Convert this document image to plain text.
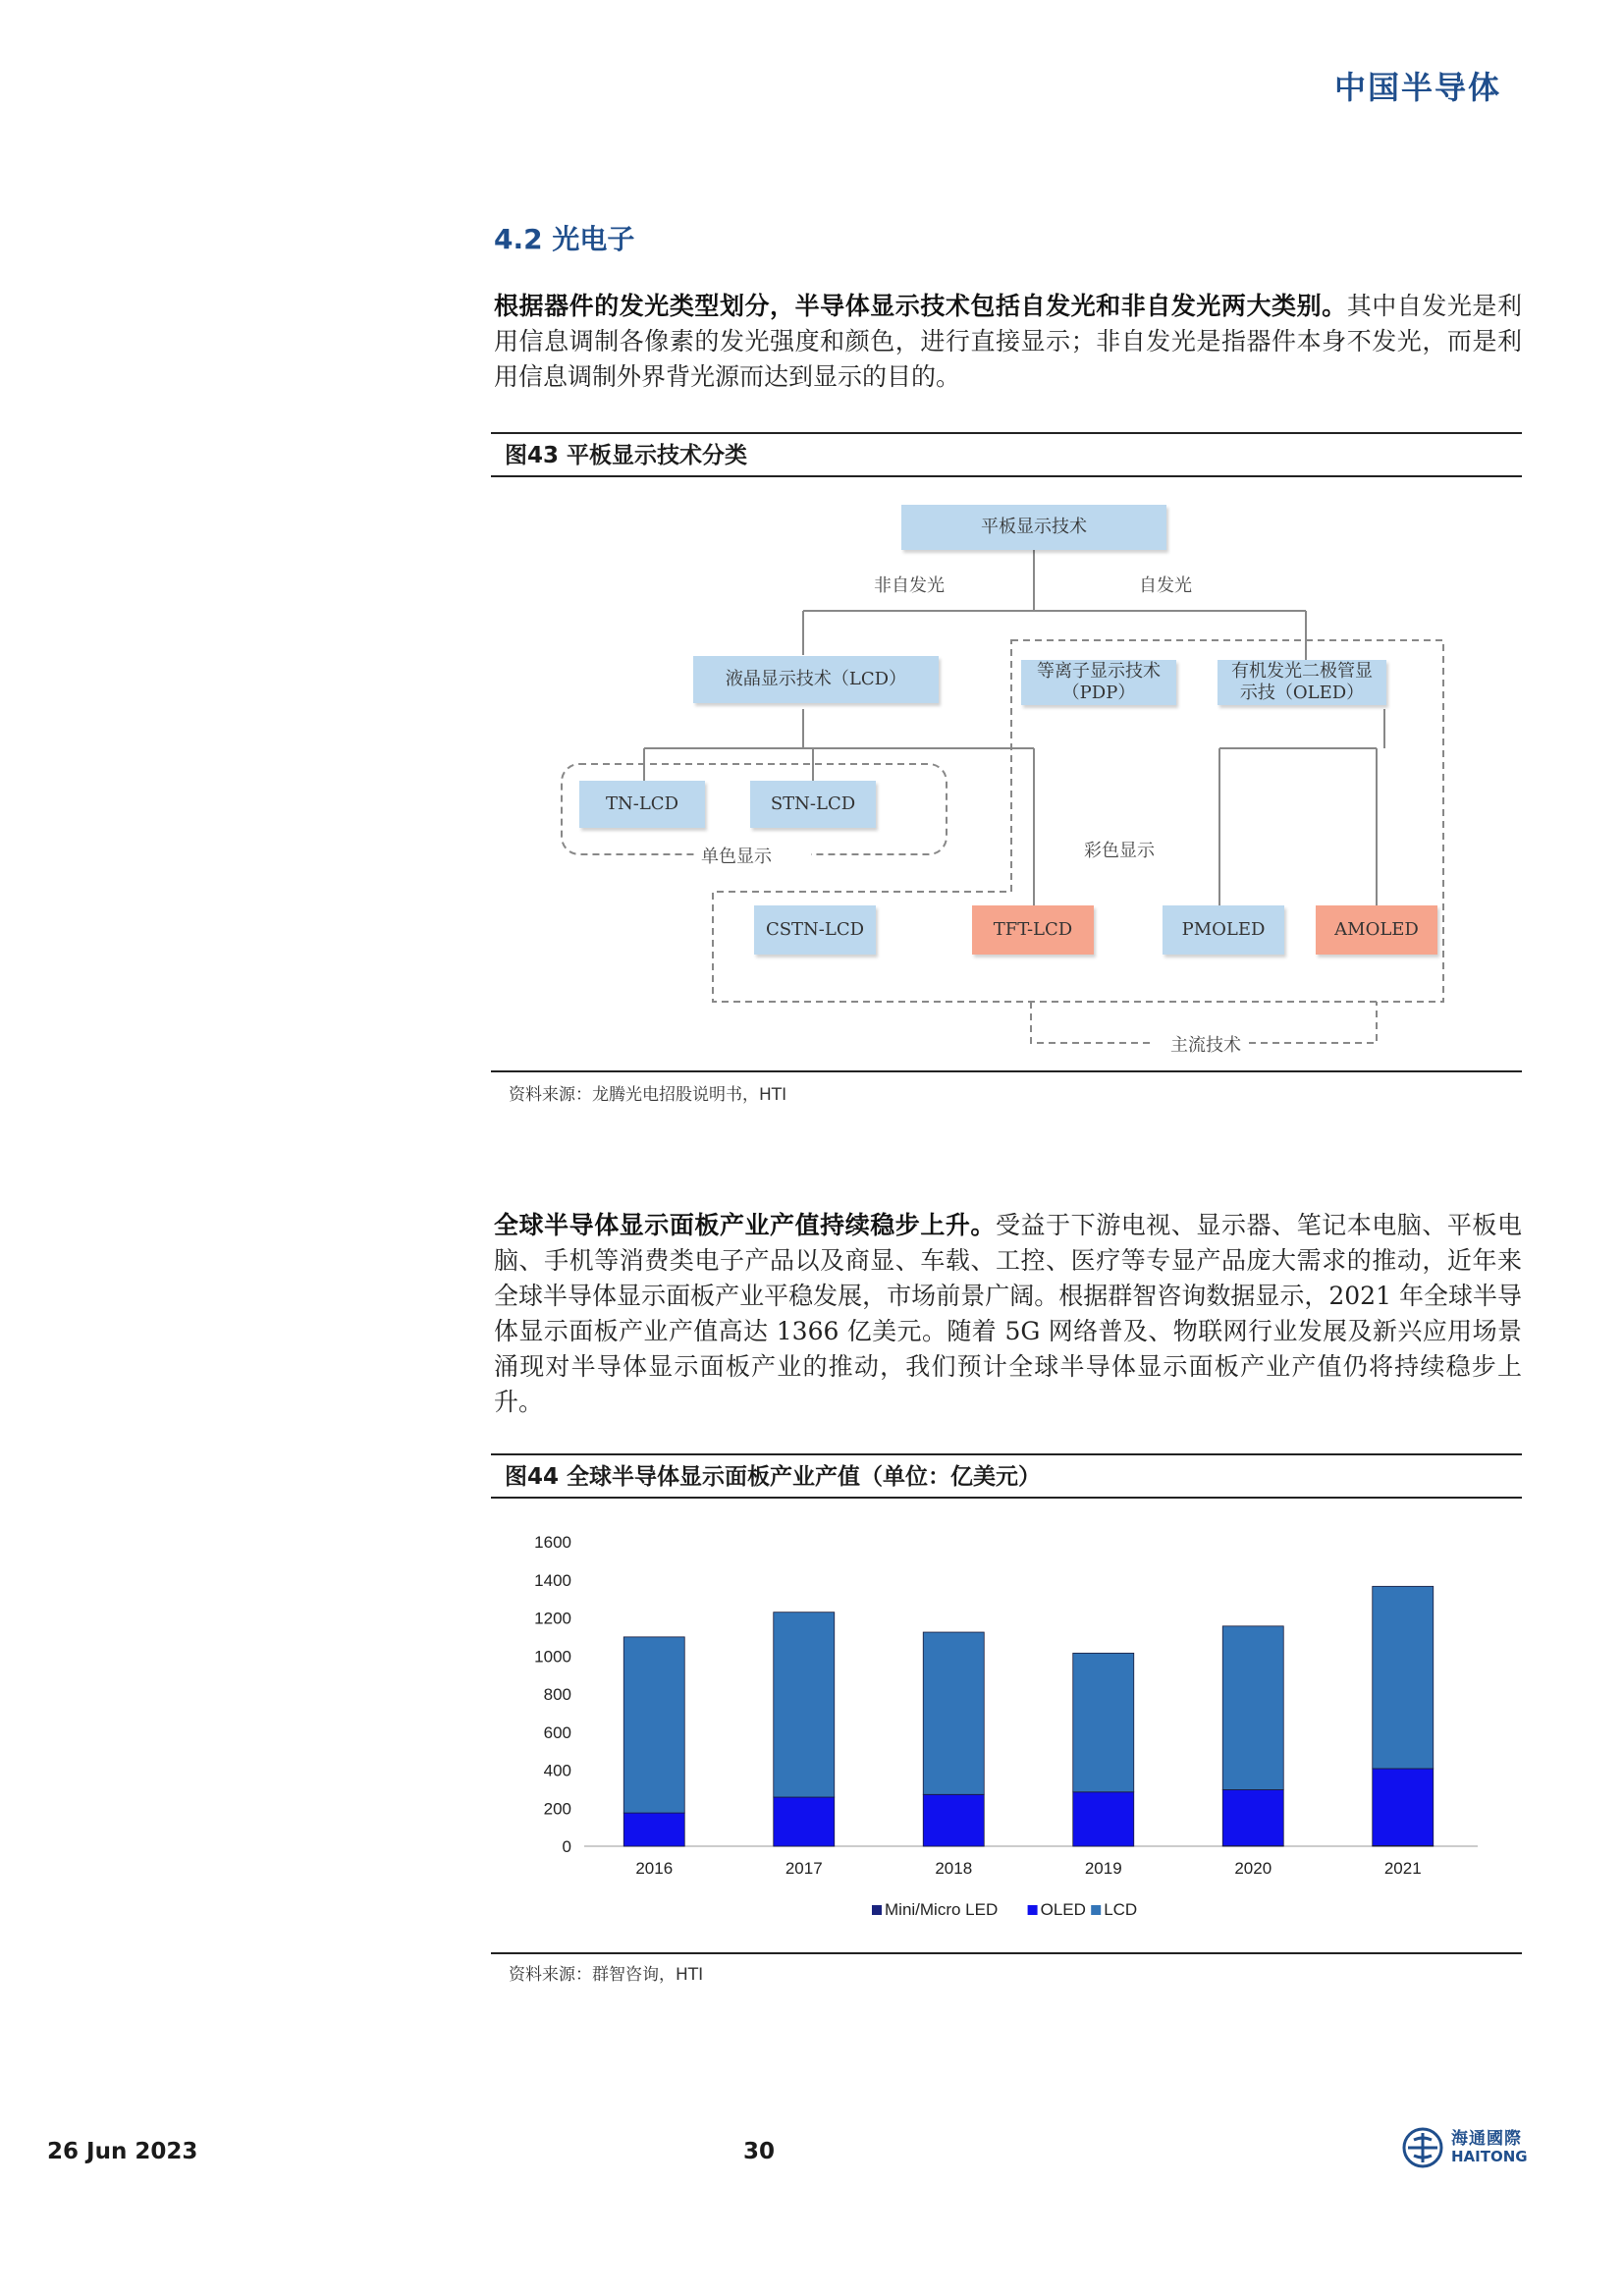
中国半导体
4.2 光电子

根据器件的发光类型划分，半导体显示技术包括自发光和非自发光两大类别。其中自发光是利用信息调制各像素的发光强度和颜色，进行直接显示；非自发光是指器件本身不发光，而是利用信息调制外界背光源而达到显示的目的。

图43 平板显示技术分类
平板显示技术
非自发光	自发光
液晶显示技术（LCD）	等离子显示技术（PDP）
有机发光二极管显示技（OLED）
TN-LCD	STN-LCD
单色显示	彩色显示
CSTN-LCD	TFT-LCD	PMOLED	AMOLED
主流技术
资料来源：龙腾光电招股说明书，HTI

全球半导体显示面板产业产值持续稳步上升。受益于下游电视、显示器、笔记本电脑、平板电脑、手机等消费类电子产品以及商显、车载、工控、医疗等专显产品庞大需求的推动，近年来全球半导体显示面板产业平稳发展，市场前景广阔。根据群智咨询数据显示，2021 年全球半导体显示面板产业产值高达 1366 亿美元。随着 5G 网络普及、物联网行业发展及新兴应用场景涌现对半导体显示面板产业的推动，我们预计全球半导体显示面板产业产值仍将持续稳步上升。

图44 全球半导体显示面板产业产值（单位：亿美元）
0
200
400
600
800
1000
1200
1400
1600
2016	2017	2018	2019	2020	2021
Mini/Micro LED	OLED LCD
资料来源：群智咨询，HTI
26 Jun 2023	30	海通國際
HAITONG
